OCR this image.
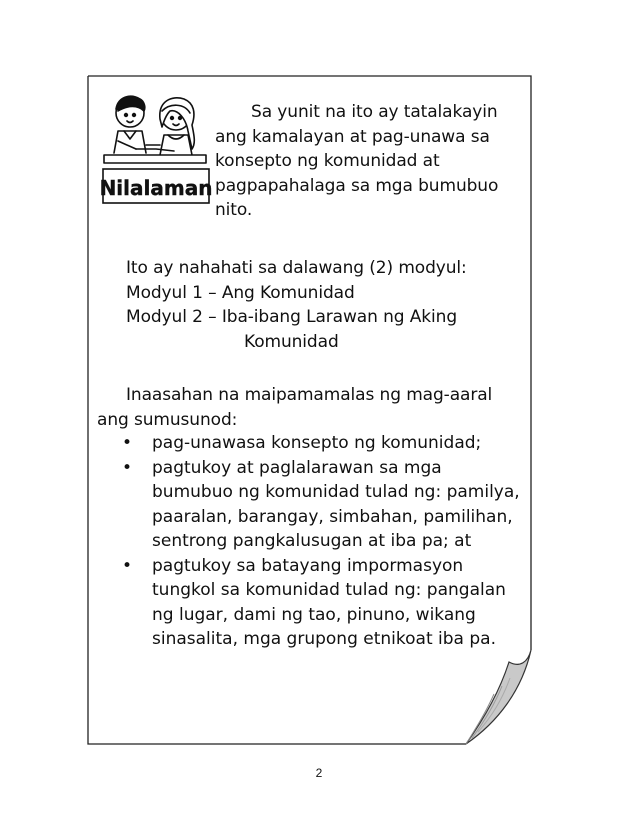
Nilalaman
Sa yunit na ito ay tatalakayin
ang kamalayan at pag-unawa sa
konsepto ng komunidad at
pagpapahalaga sa mga bumubuo
nito.
Ito ay nahahati sa dalawang (2) modyul:
Modyul 1 – Ang Komunidad
Modyul 2 – Iba-ibang Larawan ng Aking
Komunidad
Inaasahan na maipamamalas ng mag-aaral
ang sumusunod:
• pag-unawasa konsepto ng komunidad;
• pagtukoy at paglalarawan sa mga
bumubuo ng komunidad tulad ng: pamilya,
paaralan, barangay, simbahan, pamilihan,
sentrong pangkalusugan at iba pa; at
• pagtukoy sa batayang impormasyon
tungkol sa komunidad tulad ng: pangalan
ng lugar, dami ng tao, pinuno, wikang
sinasalita, mga grupong etnikoat iba pa.
2
